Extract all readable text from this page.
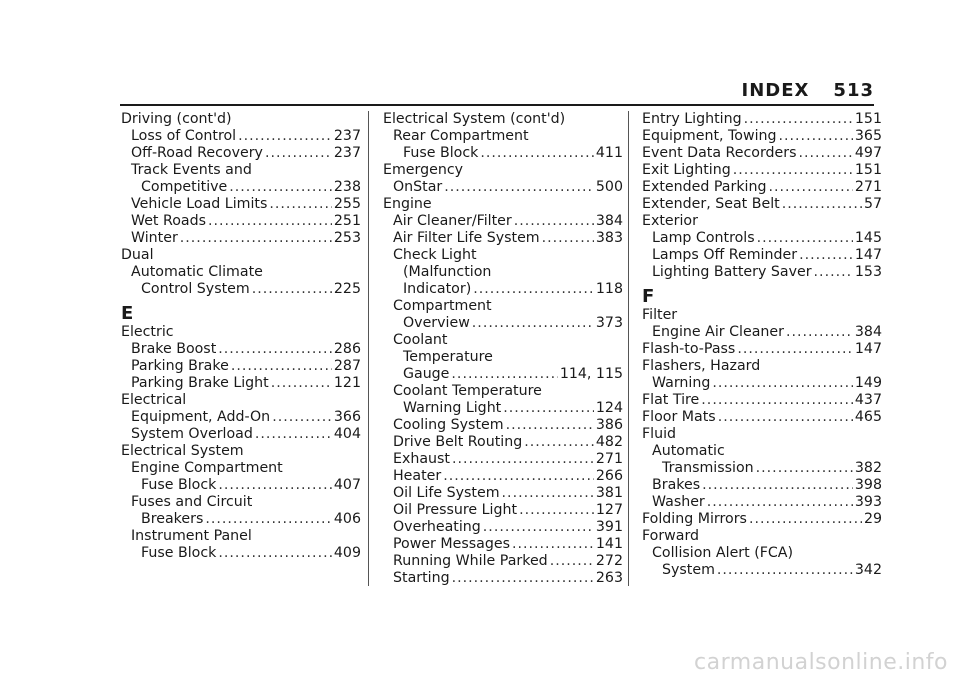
INDEX 513
Driving (cont'd)
Loss of Control .....	237
Off-Road Recovery .....	237
Track Events and
Competitive .....	238
Vehicle Load Limits .....	255
Wet Roads .....	251
Winter .....	253
Dual
Automatic Climate
Control System .....	225
E
Electric
Brake Boost .....	286
Parking Brake .....	287
Parking Brake Light .....	121
Electrical
Equipment, Add-On .....	366
System Overload .....	404
Electrical System
Engine Compartment
Fuse Block .....	407
Fuses and Circuit
Breakers .....	406
Instrument Panel
Fuse Block .....	409
Electrical System (cont'd)
Rear Compartment
Fuse Block .....	411
Emergency
OnStar .....	500
Engine
Air Cleaner/Filter .....	384
Air Filter Life System .....	383
Check Light
(Malfunction
Indicator) .....	118
Compartment
Overview .....	373
Coolant
Temperature
Gauge .....	114, 115
Coolant Temperature
Warning Light .....	124
Cooling System .....	386
Drive Belt Routing .....	482
Exhaust .....	271
Heater .....	266
Oil Life System .....	381
Oil Pressure Light .....	127
Overheating .....	391
Power Messages .....	141
Running While Parked .....	272
Starting .....	263
Entry Lighting .....	151
Equipment, Towing .....	365
Event Data Recorders .....	497
Exit Lighting .....	151
Extended Parking .....	271
Extender, Seat Belt .....	57
Exterior
Lamp Controls .....	145
Lamps Off Reminder .....	147
Lighting Battery Saver .....	153
F
Filter
Engine Air Cleaner .....	384
Flash-to-Pass .....	147
Flashers, Hazard
Warning .....	149
Flat Tire .....	437
Floor Mats .....	465
Fluid
Automatic
Transmission .....	382
Brakes .....	398
Washer .....	393
Folding Mirrors .....	29
Forward
Collision Alert (FCA)
System .....	342
carmanualsonline.info
